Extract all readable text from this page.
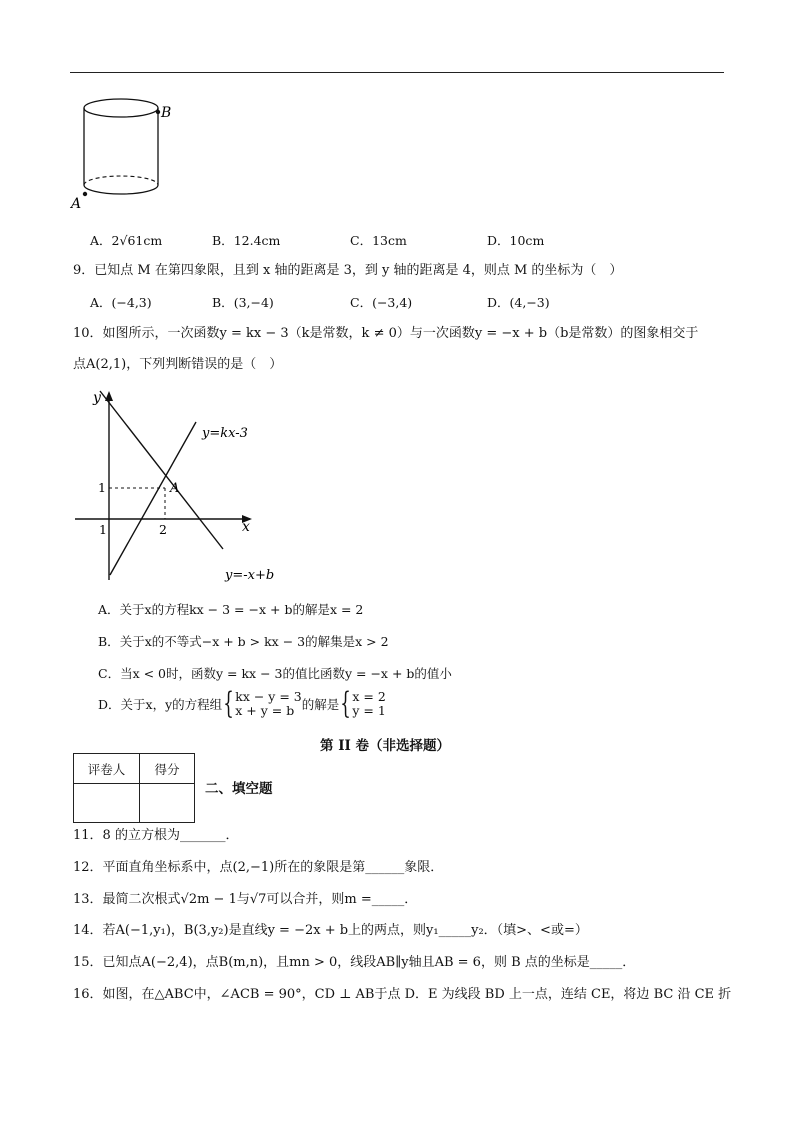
B
A
A．2√61cm	B．12.4cm	C．13cm	D．10cm
9．已知点 M 在第四象限，且到 x 轴的距离是 3，到 y 轴的距离是 4，则点 M 的坐标为（　）
A．(−4,3)	B．(3,−4)	C．(−3,4)	D．(4,−3)
10．如图所示，一次函数y = kx − 3（k是常数，k ≠ 0）与一次函数y = −x + b（b是常数）的图象相交于
点A(2,1)，下列判断错误的是（　）
y
x
y=kx-3
y=-x+b
A
1
1	2
A．关于x的方程kx − 3 = −x + b的解是x = 2
B．关于x的不等式−x + b > kx − 3的解集是x > 2
C．当x < 0时，函数y = kx − 3的值比函数y = −x + b的值小
D．关于x，y的方程组{kx − y = 3
x + y = b 的解是{x = 2
y = 1
第 II 卷（非选择题）
评卷人	得分

二、填空题
11．8 的立方根为_______．
12．平面直角坐标系中，点(2,−1)所在的象限是第______象限．
13．最简二次根式√2m − 1与√7可以合并，则m =_____．
14．若A(−1,y₁)，B(3,y₂)是直线y = −2x + b上的两点，则y₁_____y₂．（填>、<或=）
15．已知点A(−2,4)，点B(m,n)，且mn > 0，线段AB∥y轴且AB = 6，则 B 点的坐标是_____．
16．如图，在△ABC中，∠ACB = 90°，CD ⊥ AB于点 D．E 为线段 BD 上一点，连结 CE，将边 BC 沿 CE 折
